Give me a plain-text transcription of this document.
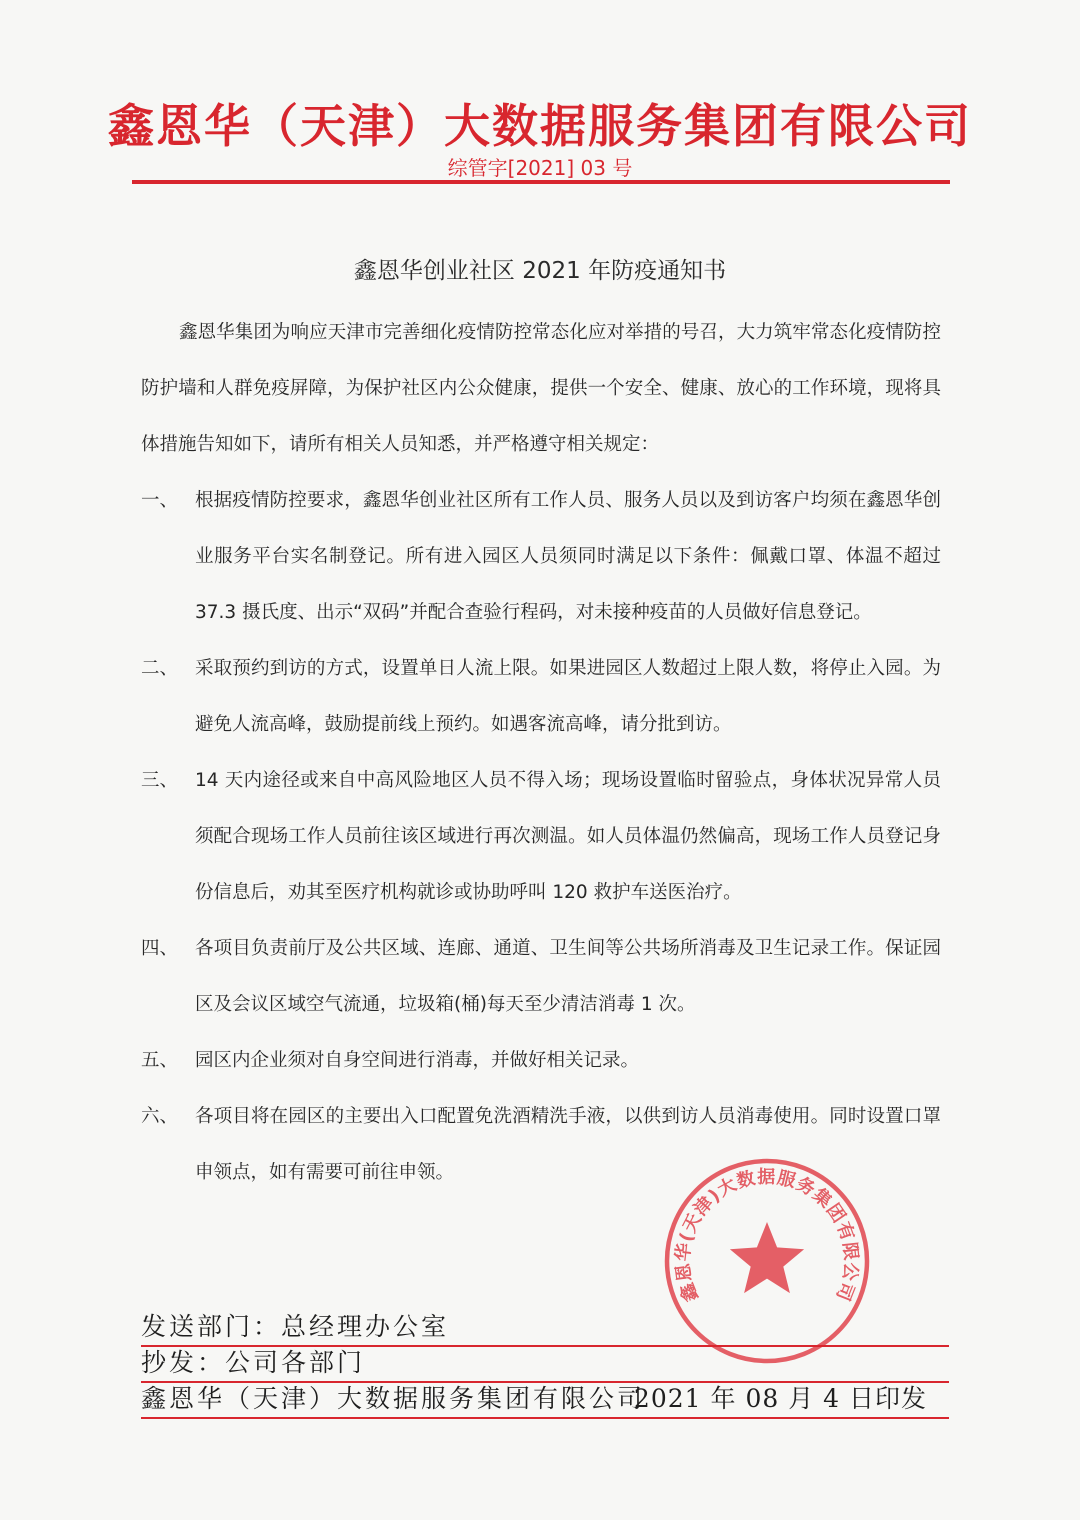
鑫恩华（天津）大数据服务集团有限公司
综管字[2021] 03 号
鑫恩华创业社区 2021 年防疫通知书
鑫恩华集团为响应天津市完善细化疫情防控常态化应对举措的号召，大力筑牢常态化疫情防控防护墙和人群免疫屏障，为保护社区内公众健康，提供一个安全、健康、放心的工作环境，现将具体措施告知如下，请所有相关人员知悉，并严格遵守相关规定：
一、 根据疫情防控要求，鑫恩华创业社区所有工作人员、服务人员以及到访客户均须在鑫恩华创业服务平台实名制登记。所有进入园区人员须同时满足以下条件：佩戴口罩、体温不超过 37.3 摄氏度、出示“双码”并配合查验行程码，对未接种疫苗的人员做好信息登记。
二、 采取预约到访的方式，设置单日人流上限。如果进园区人数超过上限人数，将停止入园。为避免人流高峰，鼓励提前线上预约。如遇客流高峰，请分批到访。
三、 14 天内途径或来自中高风险地区人员不得入场；现场设置临时留验点，身体状况异常人员须配合现场工作人员前往该区域进行再次测温。如人员体温仍然偏高，现场工作人员登记身份信息后，劝其至医疗机构就诊或协助呼叫 120 救护车送医治疗。
四、 各项目负责前厅及公共区域、连廊、通道、卫生间等公共场所消毒及卫生记录工作。保证园区及会议区域空气流通，垃圾箱(桶)每天至少清洁消毒 1 次。
五、 园区内企业须对自身空间进行消毒，并做好相关记录。
六、 各项目将在园区的主要出入口配置免洗酒精洗手液，以供到访人员消毒使用。同时设置口罩申领点，如有需要可前往申领。
鑫恩华(天津)大数据服务集团有限公司
发送部门：总经理办公室
抄发：公司各部门
鑫恩华（天津）大数据服务集团有限公司
2021 年 08 月 4 日印发
